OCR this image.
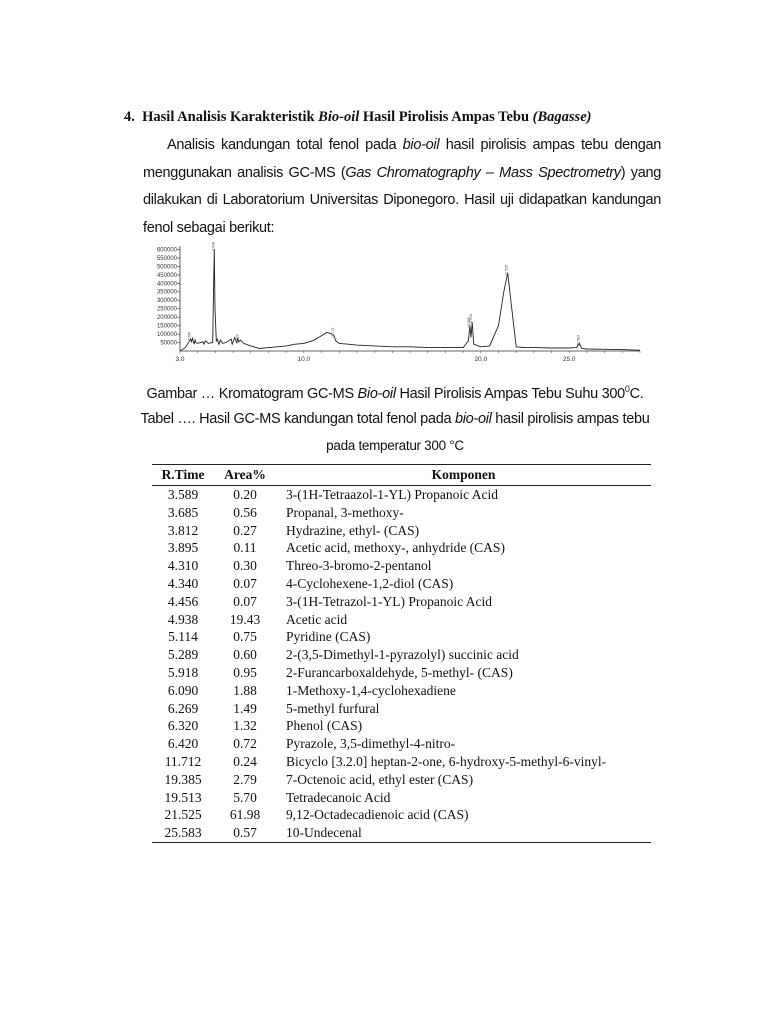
4.  Hasil Analisis Karakteristik Bio-oil Hasil Pirolisis Ampas Tebu (Bagasse)
Analisis kandungan total fenol pada bio-oil hasil pirolisis ampas tebu dengan menggunakan analisis GC-MS (Gas Chromatography – Mass Spectrometry) yang dilakukan di Laboratorium Universitas Diponegoro. Hasil uji didapatkan kandungan fenol sebagai berikut:
600000-
550000-
500000-
450000-
400000-
350000-
300000-
250000-
200000-
150000-
100000-
50000-
3.0	10.0	20.0	25.0
3.589
4.938
6.320
11.712
19.385
19.513
21.525
25.583
Gambar … Kromatogram GC-MS Bio-oil Hasil Pirolisis Ampas Tebu Suhu $300^0C$.
Tabel …. Hasil GC-MS kandungan total fenol pada bio-oil hasil pirolisis ampas tebu
pada temperatur 300 °C
R.Time	Area%	Komponen
3.589	0.20	3-(1H-Tetraazol-1-YL) Propanoic Acid
3.685	0.56	Propanal, 3-methoxy-
3.812	0.27	Hydrazine, ethyl- (CAS)
3.895	0.11	Acetic acid, methoxy-, anhydride (CAS)
4.310	0.30	Threo-3-bromo-2-pentanol
4.340	0.07	4-Cyclohexene-1,2-diol (CAS)
4.456	0.07	3-(1H-Tetrazol-1-YL) Propanoic Acid
4.938	19.43	Acetic acid
5.114	0.75	Pyridine (CAS)
5.289	0.60	2-(3,5-Dimethyl-1-pyrazolyl) succinic acid
5.918	0.95	2-Furancarboxaldehyde, 5-methyl- (CAS)
6.090	1.88	1-Methoxy-1,4-cyclohexadiene
6.269	1.49	5-methyl furfural
6.320	1.32	Phenol (CAS)
6.420	0.72	Pyrazole, 3,5-dimethyl-4-nitro-
11.712	0.24	Bicyclo [3.2.0] heptan-2-one, 6-hydroxy-5-methyl-6-vinyl-
19.385	2.79	7-Octenoic acid, ethyl ester (CAS)
19.513	5.70	Tetradecanoic Acid
21.525	61.98	9,12-Octadecadienoic acid (CAS)
25.583	0.57	10-Undecenal
